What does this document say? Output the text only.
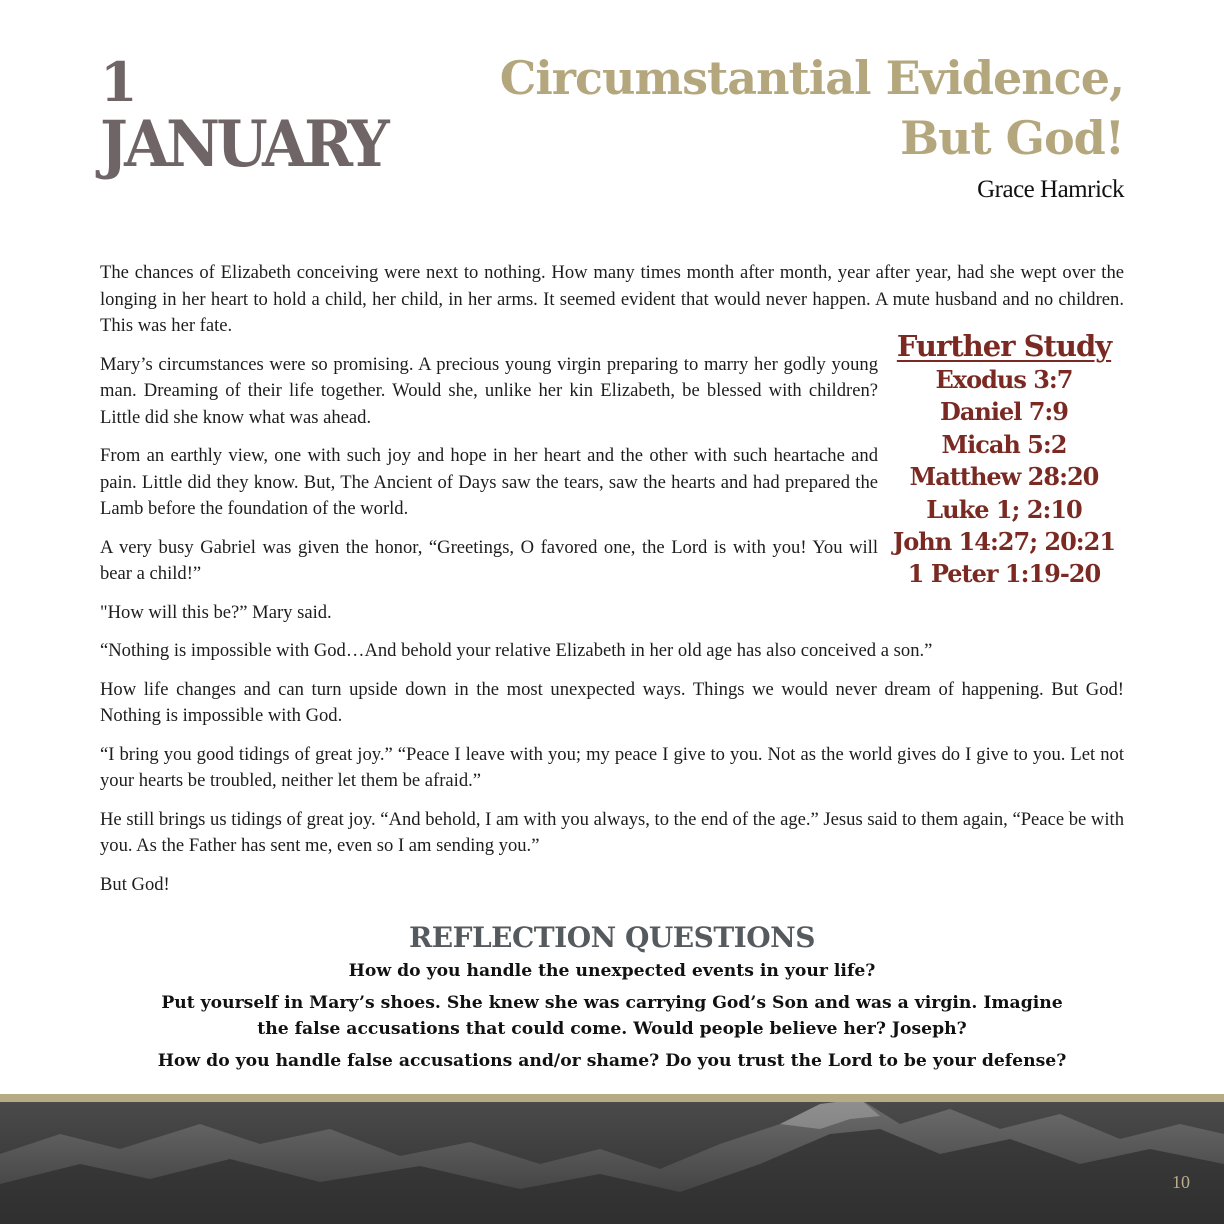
1
JANUARY
Circumstantial Evidence,
But God!
Grace Hamrick

The chances of Elizabeth conceiving were next to nothing. How many times month after month, year after year, had she wept over the longing in her heart to hold a child, her child, in her arms. It seemed evident that would never happen. A mute husband and no children. This was her fate.

Mary’s circumstances were so promising. A precious young virgin preparing to marry her godly young man. Dreaming of their life together. Would she, unlike her kin Elizabeth, be blessed with children? Little did she know what was ahead.

From an earthly view, one with such joy and hope in her heart and the other with such heartache and pain. Little did they know. But, The Ancient of Days saw the tears, saw the hearts and had prepared the Lamb before the foundation of the world.

A very busy Gabriel was given the honor, “Greetings, O favored one, the Lord is with you! You will bear a child!”

"How will this be?” Mary said.

“Nothing is impossible with God…And behold your relative Elizabeth in her old age has also conceived a son.”

How life changes and can turn upside down in the most unexpected ways. Things we would never dream of happening. But God! Nothing is impossible with God.

“I bring you good tidings of great joy.” “Peace I leave with you; my peace I give to you. Not as the world gives do I give to you. Let not your hearts be troubled, neither let them be afraid.”

He still brings us tidings of great joy. “And behold, I am with you always, to the end of the age.” Jesus said to them again, “Peace be with you. As the Father has sent me, even so I am sending you.”

But God!

Further Study
Exodus 3:7
Daniel 7:9
Micah 5:2
Matthew 28:20
Luke 1; 2:10
John 14:27; 20:21
1 Peter 1:19-20
REFLECTION QUESTIONS

How do you handle the unexpected events in your life?

Put yourself in Mary’s shoes. She knew she was carrying God’s Son and was a virgin. Imagine the false accusations that could come. Would people believe her? Joseph?

How do you handle false accusations and/or shame? Do you trust the Lord to be your defense?

10
